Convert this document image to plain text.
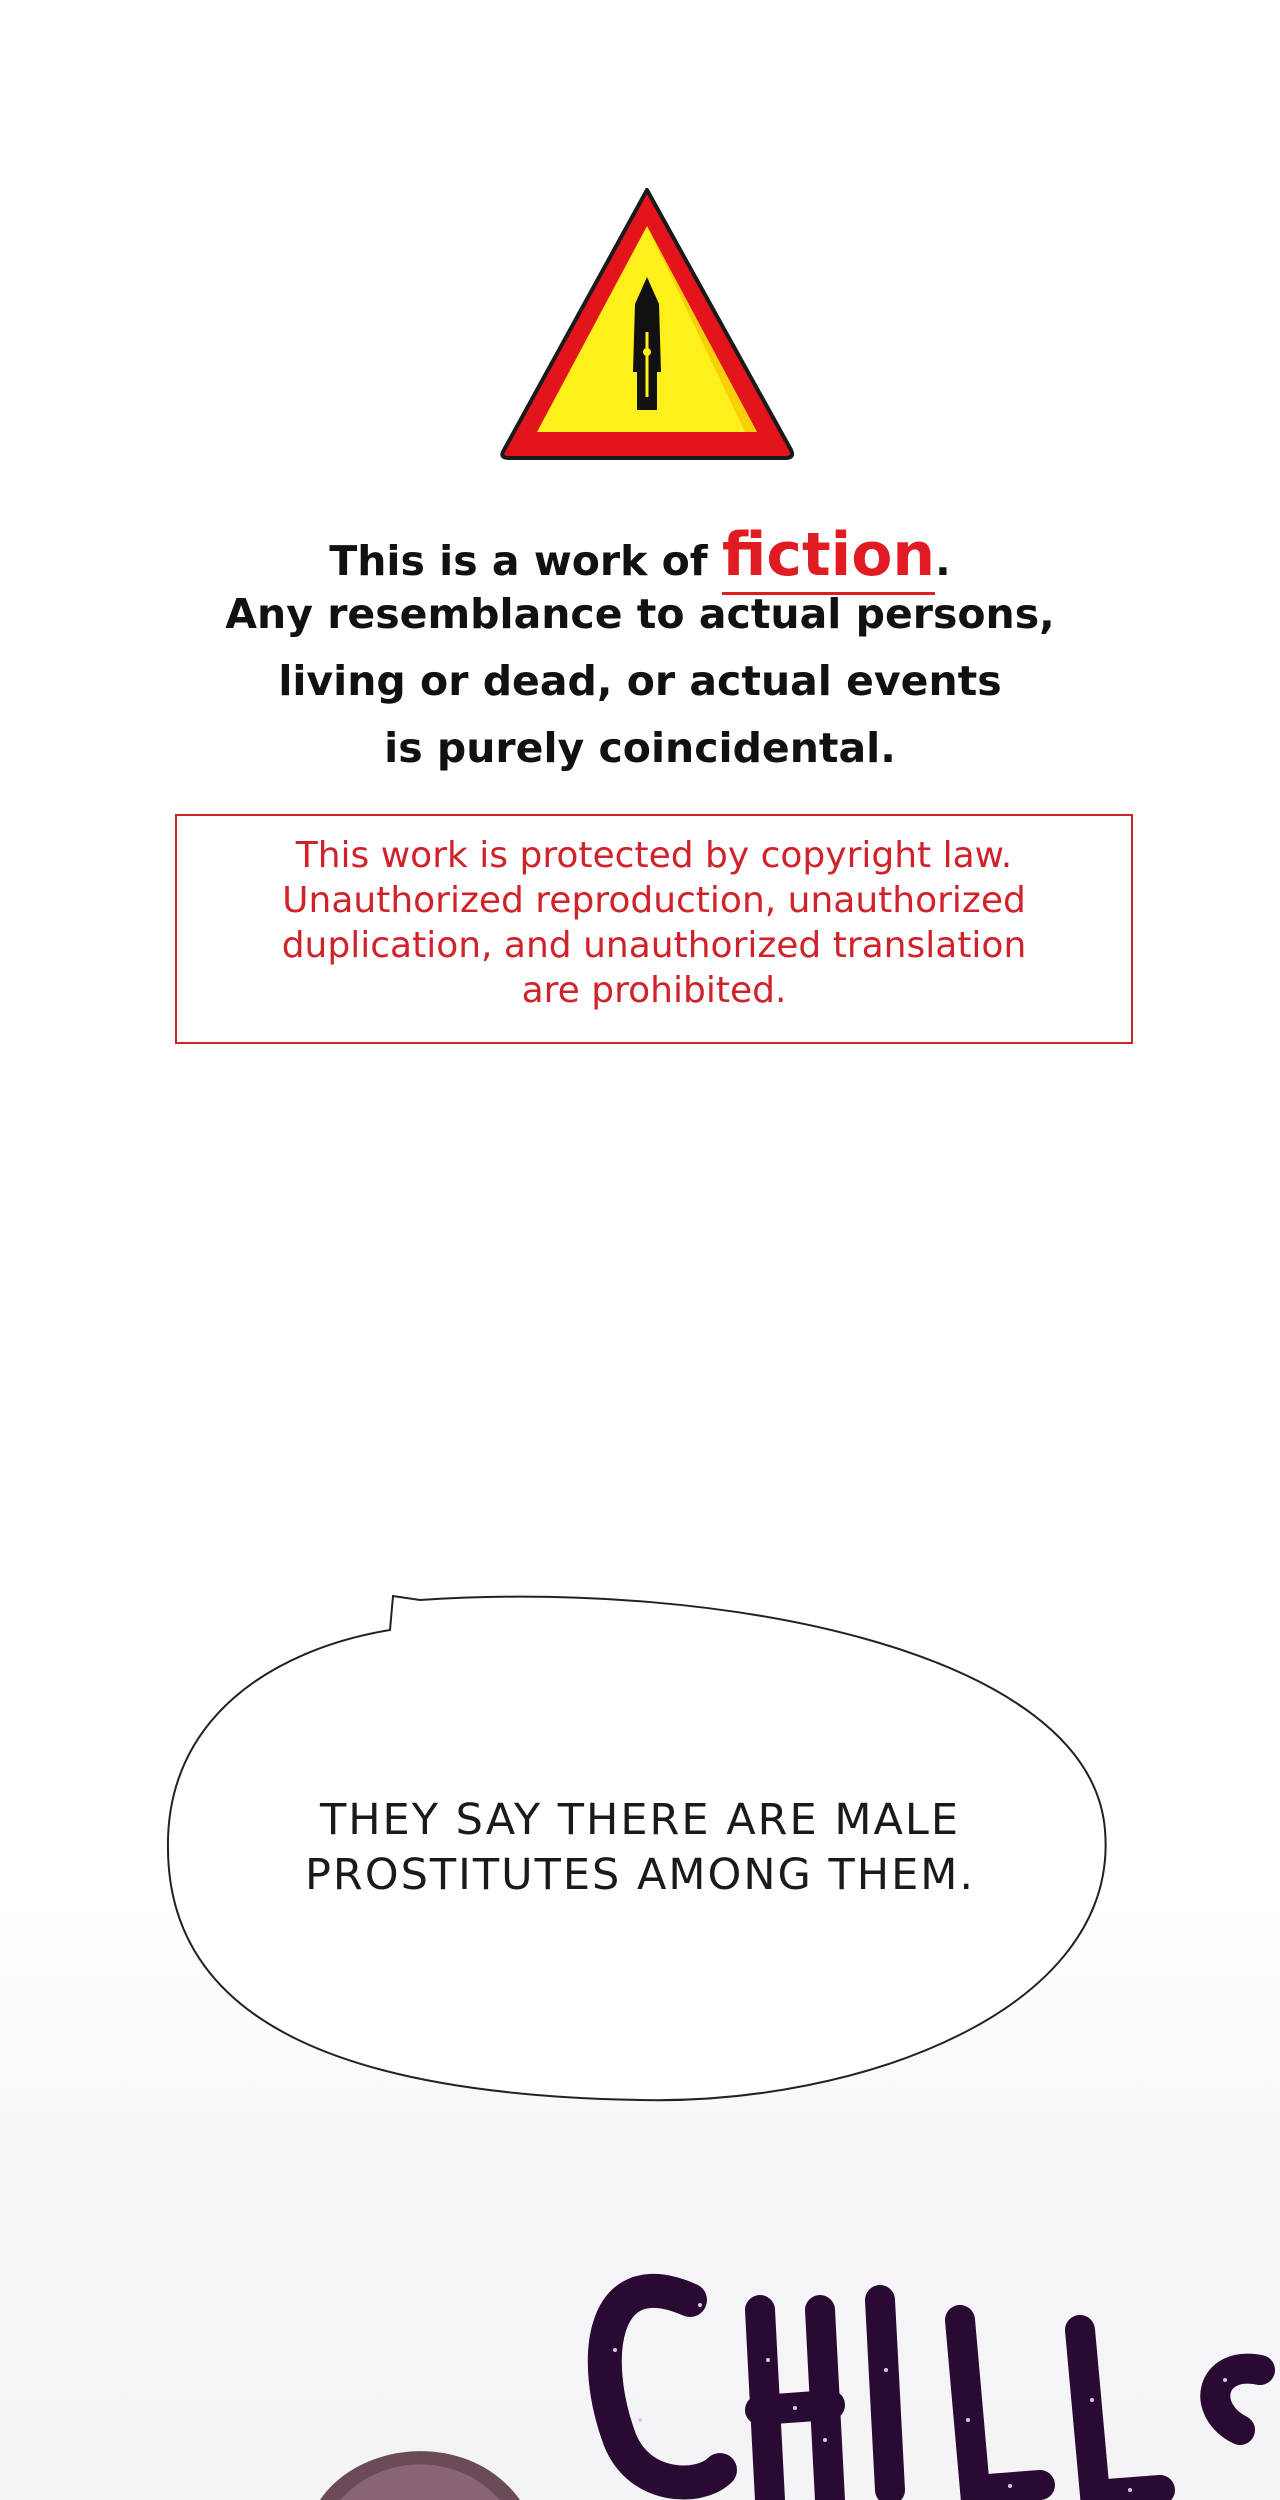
This is a work of fiction.
Any resemblance to actual persons,
living or dead, or actual events
is purely coincidental.
This work is protected by copyright law.
Unauthorized reproduction, unauthorized
duplication, and unauthorized translation
are prohibited.
THEY SAY THERE ARE MALE
PROSTITUTES AMONG THEM.
